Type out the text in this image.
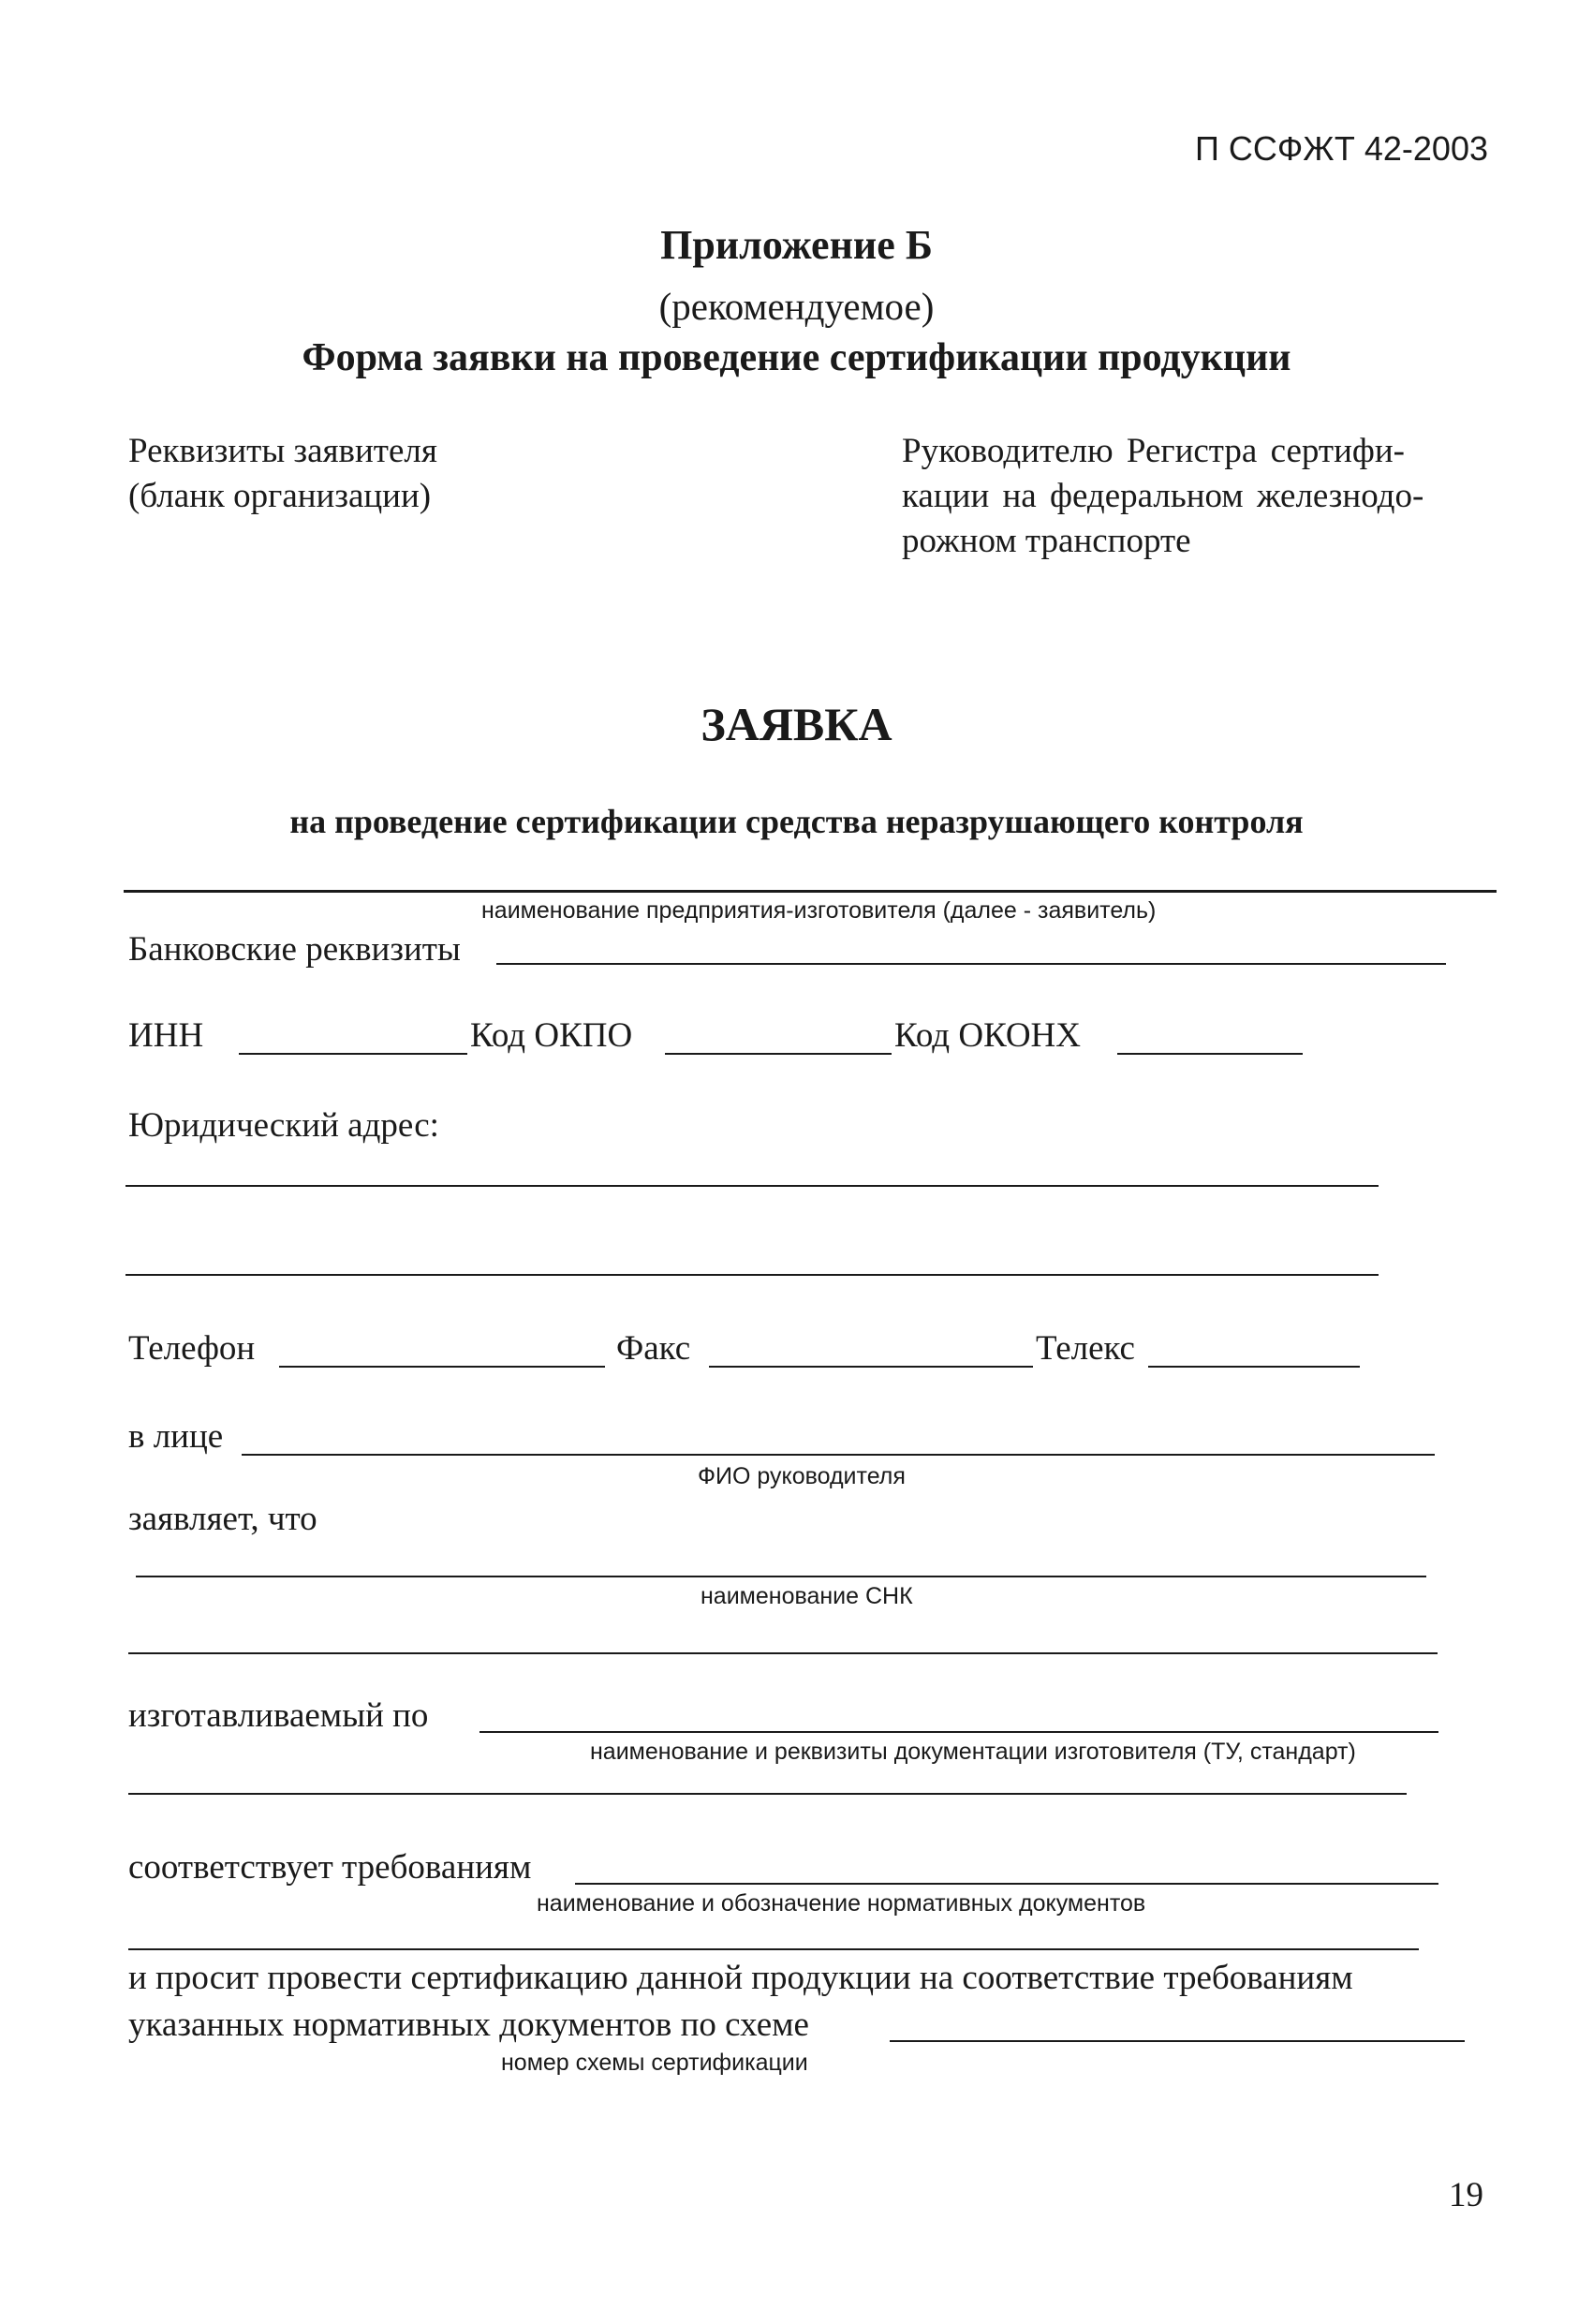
П ССФЖТ 42-2003
Приложение Б
(рекомендуемое)
Форма заявки на проведение сертификации продукции
Реквизиты заявителя
(бланк организации)
Руководителю Регистра сертифи-
кации на федеральном железнодо-
рожном транспорте
ЗАЯВКА
на проведение сертификации средства неразрушающего контроля
наименование предприятия-изготовителя (далее - заявитель)
Банковские реквизиты
ИНН	Код ОКПО	Код ОКОНХ
Юридический адрес:
Телефон	Факс	Телекс
в лице
ФИО руководителя
заявляет, что
наименование СНК
изготавливаемый по
наименование и реквизиты документации изготовителя (ТУ, стандарт)
соответствует требованиям
наименование и обозначение нормативных документов
и просит провести сертификацию данной продукции на соответствие требованиям
указанных нормативных документов по схеме
номер схемы сертификации
19
